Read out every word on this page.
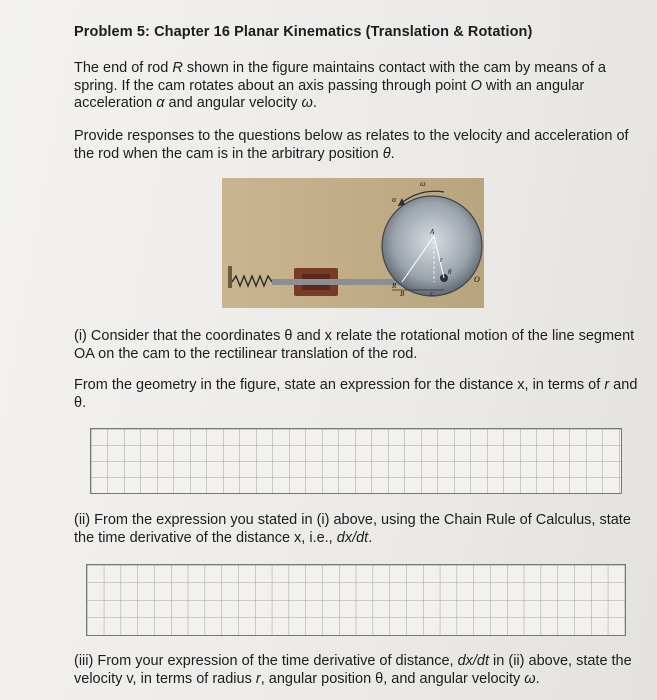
Problem 5: Chapter 16 Planar Kinematics (Translation & Rotation)
The end of rod R shown in the figure maintains contact with the cam by means of a
spring. If the cam rotates about an axis passing through point O with an angular
acceleration α and angular velocity ω.
Provide responses to the questions below as relates to the velocity and acceleration of
the rod when the cam is in the arbitrary position θ.
α
ω
A
B
r
θ
O
R
C
(i) Consider that the coordinates θ and x relate the rotational motion of the line segment
OA on the cam to the rectilinear translation of the rod.
From the geometry in the figure, state an expression for the distance x, in terms of r and
θ.
(ii) From the expression you stated in (i) above, using the Chain Rule of Calculus, state
the time derivative of the distance x, i.e., dx/dt.
(iii) From your expression of the time derivative of distance, dx/dt in (ii) above, state the
velocity v, in terms of radius r, angular position θ, and angular velocity ω.
